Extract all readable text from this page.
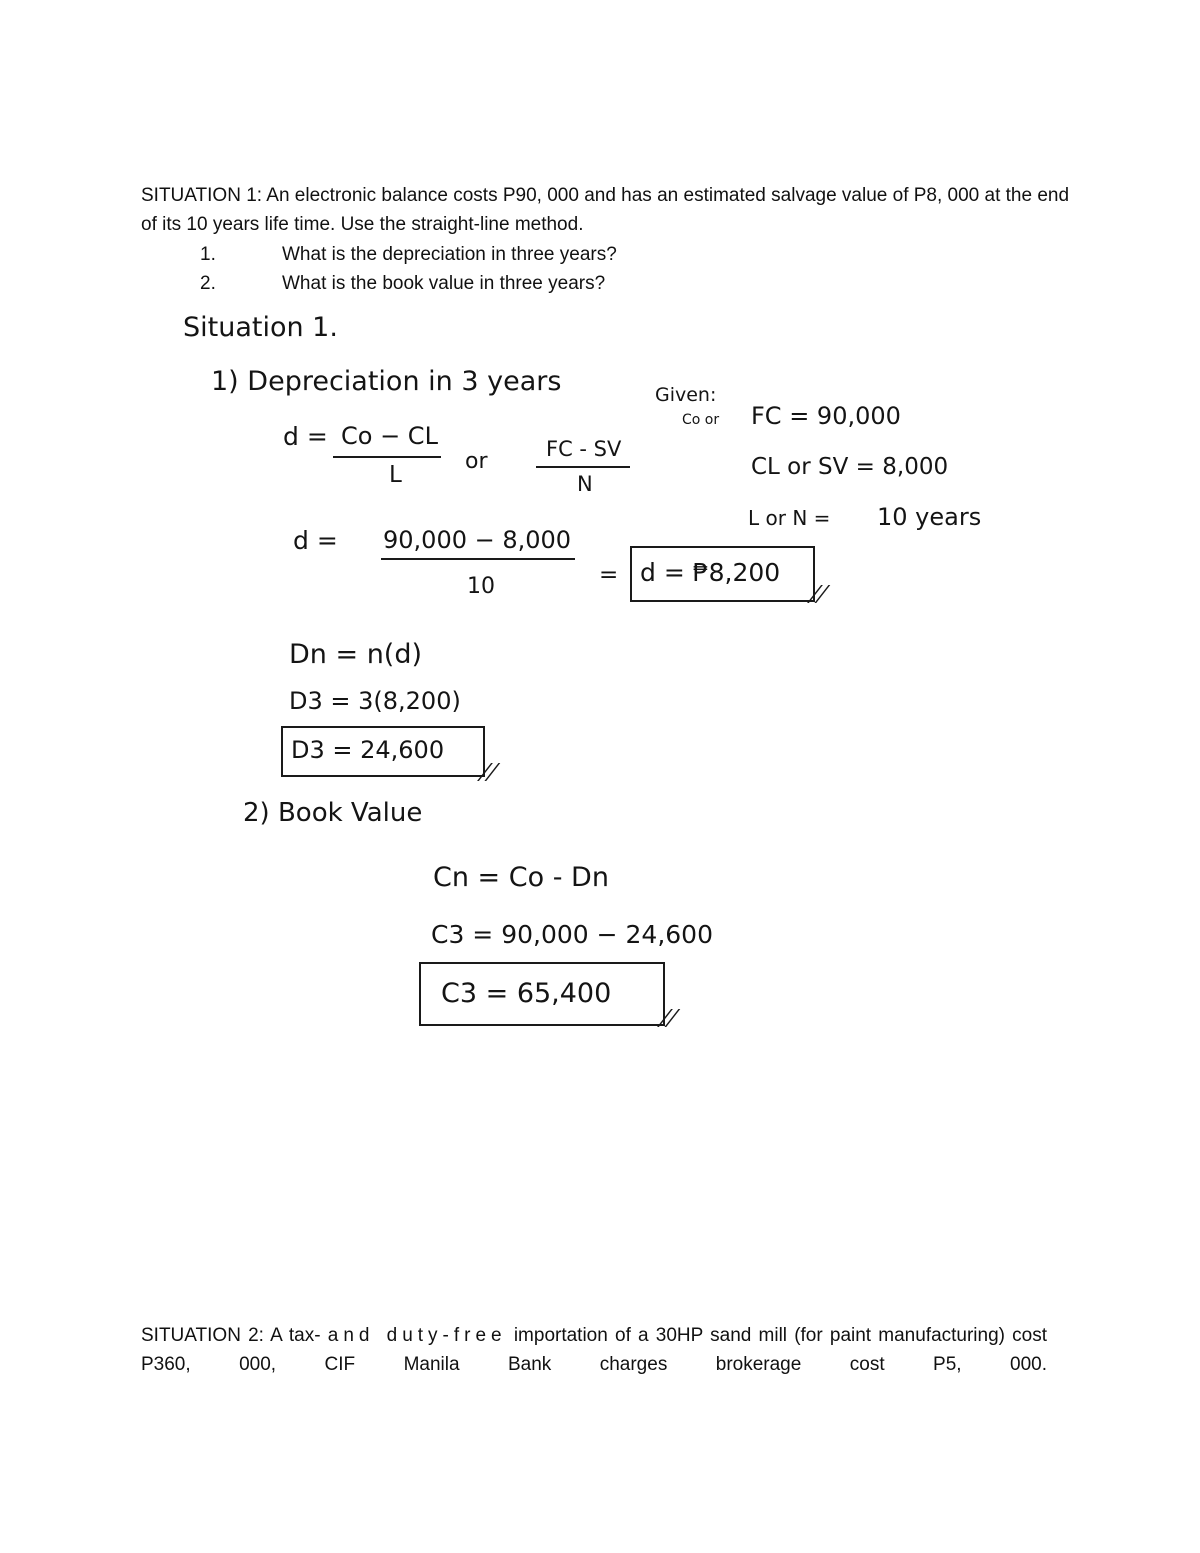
SITUATION 1: An electronic balance costs P90, 000 and has an estimated salvage value of P8, 000 at the end of its 10 years life time. Use the straight-line method.
1.	What is the depreciation in three years?
2.	What is the book value in three years?
Situation 1.
1) Depreciation in 3 years
d = Co − CL
L
or	FC - SV
N
Given:
Co or FC = 90,000
CL or SV = 8,000
L or N = 10 years
d = 90,000 − 8,000
10	= d = ₱8,200
//
Dn = n(d)
D3 = 3(8,200)
D3 = 24,600
//
2) Book Value
Cn = Co - Dn
C3 = 90,000 − 24,600
C3 = 65,400
//
SITUATION 2: A tax- and duty-free importation of a 30HP sand mill (for paint manufacturing) cost P360, 000, CIF Manila Bank charges brokerage cost P5, 000.
